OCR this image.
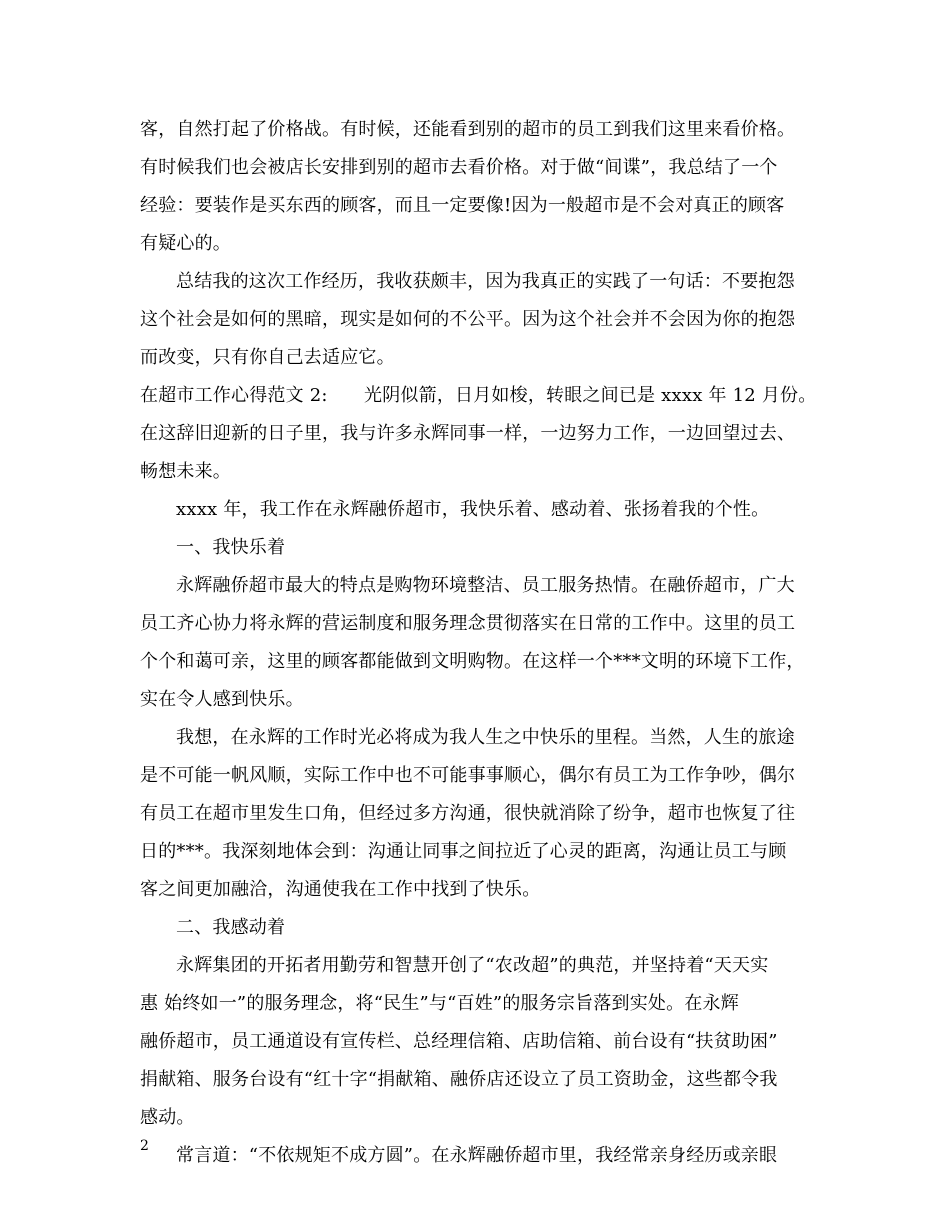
客，自然打起了价格战。有时候，还能看到别的超市的员工到我们这里来看价格。
有时候我们也会被店长安排到别的超市去看价格。对于做“间谍”，我总结了一个
经验：要装作是买东西的顾客，而且一定要像!因为一般超市是不会对真正的顾客
有疑心的。
总结我的这次工作经历，我收获颇丰，因为我真正的实践了一句话：不要抱怨
这个社会是如何的黑暗，现实是如何的不公平。因为这个社会并不会因为你的抱怨
而改变，只有你自己去适应它。
在超市工作心得范文 2:　　光阴似箭，日月如梭，转眼之间已是 xxxx 年 12 月份。
在这辞旧迎新的日子里，我与许多永辉同事一样，一边努力工作，一边回望过去、
畅想未来。
xxxx 年，我工作在永辉融侨超市，我快乐着、感动着、张扬着我的个性。
一、我快乐着
永辉融侨超市最大的特点是购物环境整洁、员工服务热情。在融侨超市，广大
员工齐心协力将永辉的营运制度和服务理念贯彻落实在日常的工作中。这里的员工
个个和蔼可亲，这里的顾客都能做到文明购物。在这样一个***文明的环境下工作，
实在令人感到快乐。
我想，在永辉的工作时光必将成为我人生之中快乐的里程。当然，人生的旅途
是不可能一帆风顺，实际工作中也不可能事事顺心，偶尔有员工为工作争吵，偶尔
有员工在超市里发生口角，但经过多方沟通，很快就消除了纷争，超市也恢复了往
日的***。我深刻地体会到：沟通让同事之间拉近了心灵的距离，沟通让员工与顾
客之间更加融洽，沟通使我在工作中找到了快乐。
二、我感动着
永辉集团的开拓者用勤劳和智慧开创了“农改超”的典范，并坚持着“天天实
惠 始终如一”的服务理念，将“民生”与“百姓”的服务宗旨落到实处。在永辉
融侨超市，员工通道设有宣传栏、总经理信箱、店助信箱、前台设有“扶贫助困”
捐献箱、服务台设有“红十字“捐献箱、融侨店还设立了员工资助金，这些都令我
感动。
常言道：“不依规矩不成方圆”。在永辉融侨超市里，我经常亲身经历或亲眼
2
